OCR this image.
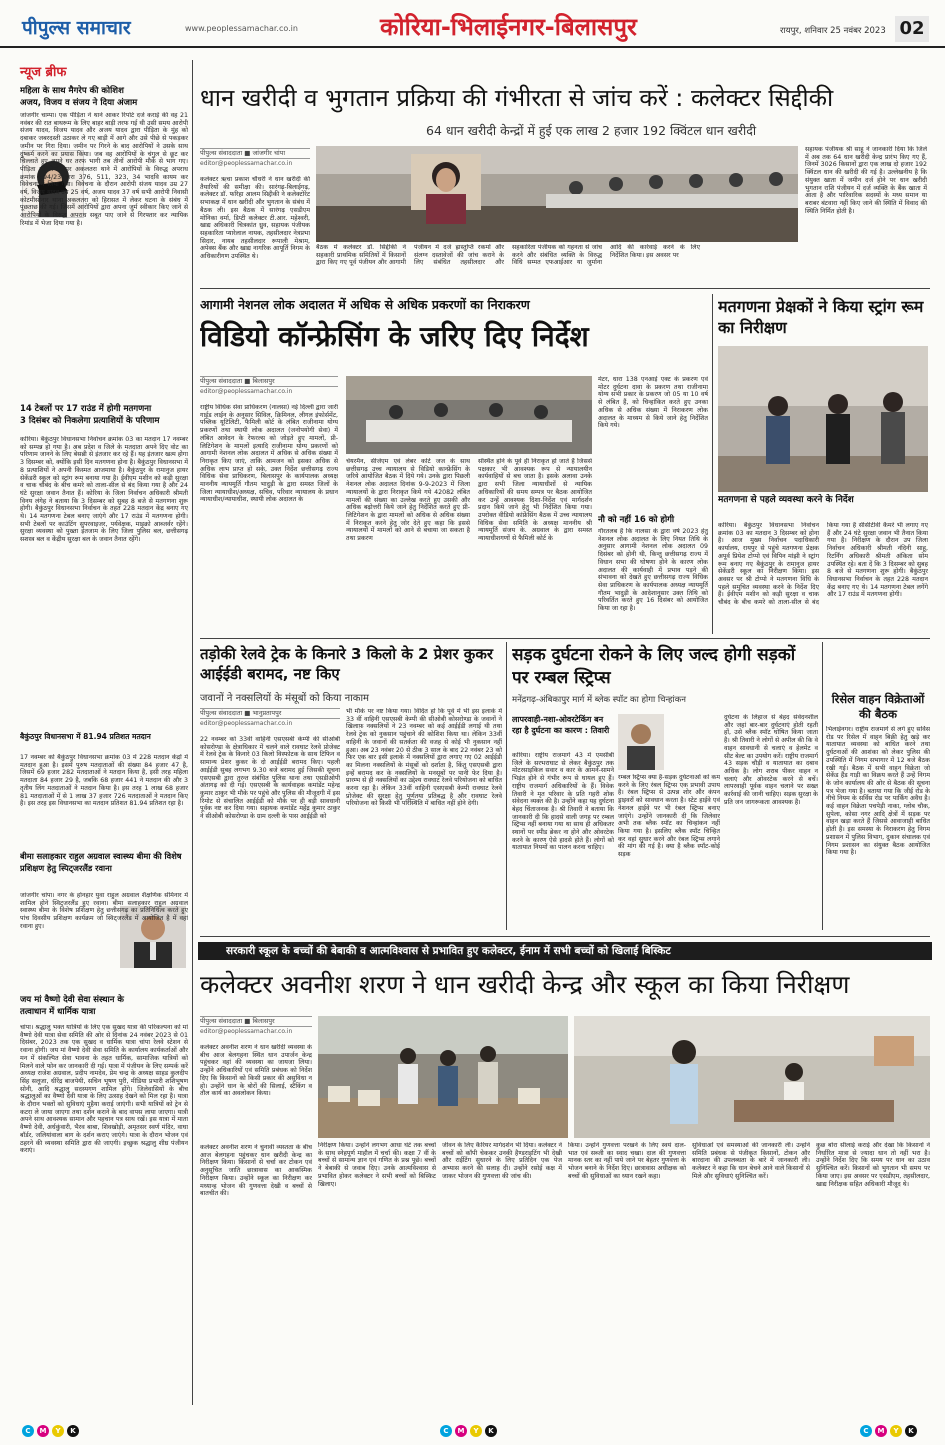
पीपुल्स समाचार	www.peoplessamachar.co.in	कोरिया-भिलाईनगर-बिलासपुर	रायपुर, शनिवार 25 नवंबर 2023 02
न्यूज ब्रीफ
महिला के साथ मैगरेप की कोशिश
अजय, विजय व संजय ने दिया अंजाम
जांजगीर चाम्पा। एक पीड़िता ने थाने आकर रिपोर्ट दर्ज कराई की वह 21 नवंबर की रात बाथरूम के लिए बाहर बाड़ी तरफ गई थी उसी समय आरोपी संजय यादव, विजय यादव और अजय यादव द्वारा पीड़िता के मुंह को दबाकर जबरदस्ती उठाकर ले गए बाड़ी में आगे और उसे पीछे से पकड़कर जमीन पर गिरा दिया। जमीन पर गिरने के बाद आरोपियों ने उसके साथ दुष्कर्म करने का प्रयास किया। जब वह आरोपियों के चंगुल से छूट कर चिल्लाते हुए अपने घर तरफ भागी तब तीनों आरोपी मौके से भाग गए। पीड़िता की रिपोर्ट पर अकलतरा थाने में आरोपियों के विरुद्ध अपराध क्रमांक 594/23 धारा 376, 511, 323, 34 भादवि कायम कर विवेचना में लिया गया। विवेचना के दौरान आरोपी संजय यादव उम्र 27 वर्ष, विजय यादव उम्र 25 वर्ष, अजय यादव 37 वर्ष सभी आरोपी निवासी कोटमीसोनार थाना अकलतरा को हिरासत में लेकर घटना के संबंध में पूछताछ की गई। जिसमें आरोपियों द्वारा अपना जुर्म स्वीकार किए जाने से आरोपियों के विरुद्ध अपराध सबूत पाए जाने से गिरफ्तार कर न्यायिक रिमांड में भेजा दिया गया है।
14 टेबलों पर 17 राउंड में होगी मतगणना
3 दिसंबर को निकलेगा प्रत्याशियों के परिणाम
कोरिया। बैकुंठपुर विधानसभा निर्वाचन क्रमांक 03 का मतदान 17 नवम्बर को सम्पन्न हो गया है। अब प्रदेश व जिले के मतदाता अपने दिए वोट का परिणाम जानने के लिए बेसब्री से इंतजार कर रहे हैं। यह इंतजार खत्म होगा 3 दिसम्बर को, क्योंकि इसी दिन मतगणना होना है। बैकुंठपुर विधानसभा में 8 प्रत्याशियों ने अपनी किस्मत आजमाया है। बैकुंठपुर के रामानुज हायर सेकेंडरी स्कूल को स्ट्रांग रूम बनाया गया है। ईवीएम मशीन को कड़ी सुरक्षा व चाक चौबंद के बीच कमरे को ताला-सील से बंद किया गया है और 24 घंटे सुरक्षा जवान तैनात हैं। कोरिया के जिला निर्वाचन अधिकारी श्रीमती विनय लंगेह ने बताया कि 3 दिसम्बर को सुबह 8 बजे से मतगणना शुरू होगी। बैकुंठपुर विधानसभा निर्वाचन के तहत 228 मतदान केंद्र बनाए गए थे। 14 मतगणना टेबल बनाए जाएंगे और 17 राउंड में मतगणना होगी। सभी टेबलों पर काउंटिंग सुपरवाइजर, पर्यवेक्षक, माइक्रो आब्जर्वर रहेंगे। सुरक्षा व्यवस्था को पुख्ता इंतजाम के लिए जिला पुलिस बल, छत्तीसगढ़ सशस्त्र बल व केंद्रीय सुरक्षा बल के जवान तैनात रहेंगे।
बैकुंठपुर विधानसभा में 81.94 प्रतिशत मतदान
17 नवम्बर को बैकुंठपुर विधानसभा क्रमांक 03 में 228 मतदान केंद्रों में मतदान हुआ है। इसमें पुरुष मतदाताओं की संख्या 84 हजार 47 है, जिसमें 69 हजार 282 मतदाताओं ने मतदान किया है, इसी तरह महिला मतदाता 84 हजार 29 है, जबकि 68 हजार 441 ने मतदान की और 3 तृतीय लिंग मतदाताओं ने मतदान किया है। इस तरह 1 लाख 68 हजार 81 मतदाताओं में से 1 लाख 37 हजार 726 मतदाताओं ने मतदान किए है। इस तरह इस विधानसभा का मतदान प्रतिशत 81.94 प्रतिशत रहा है।
बीमा सलाहकार राहुल अग्रवाल स्वास्थ्य बीमा की विशेष प्रशिक्षण हेतु स्पिट्जरलैंड रवाना
जांजगीर चांपा। नगर के होनहार युवा राहुल अग्रवाल शैक्षणिक सेमिनार में शामिल होने स्विट्जरलैंड हुए रवाना। बीमा सलाहकार राहुल अग्रवाल स्वास्थ्य बीमा के विशेष प्रशिक्षण हेतु छत्तीसगढ़ का प्रतिनिधित्व करते हुए पांच दिवसीय प्रशिक्षण कार्यक्रम जो स्विट्जरलैंड में आयोजित है में वहां रवाना हुए।
जय मां वैष्णो देवी सेवा संस्थान के
तत्वाधान में धार्मिक यात्रा
चांपा। श्रद्धालु भक्त यात्रियों के लिए एक सुखद यात्रा की परिकल्पना को मां वैष्णो देवी यात्रा सेवा समिति की ओर से दिनांक 24 नवंबर 2023 से 01 दिसंबर, 2023 तक एक सुखद व धार्मिक यात्रा चांपा रेलवे स्टेशन से रवाना होगी। जय मां वैष्णो देवी सेवा समिति के कार्यालय कार्यकर्ताओं और मन में संकल्पित सेवा भावना के तहत धार्मिक, सामाजिक यात्रियों को मिलने वाले फोन कर जानकारी दी गई। यात्रा में पंजीयन के लिए सम्पर्क करें अध्यक्ष राजेश अग्रवाल, प्रदीप नामदेव, प्रेम चन्द्र के अध्यक्ष साहड कुलदीप सिंह सलूजा, धीरेंद्र बाजपेयी, सचिन भूषण पुरी, मीडिया प्रभारी शशिभूषण सोनी, आदि श्रद्धालु सदस्यगण शामिल होंगे। जिलेवासियों के बीच श्रद्धालुओं का वैष्णो देवी यात्रा के लिए उत्साह देखने को मिल रहा है। यात्रा के दौरान भक्तों को सुविधाएं मुहैया कराई जाएंगी। सभी यात्रियों को ट्रेन से कटरा ले जाया जाएगा तथा दर्शन कराने के बाद वापस लाया जाएगा। यात्री अपने साथ आवश्यक सामान और पहचान पत्र साथ रखें। इस यात्रा में माता वैष्णो देवी, अर्धकुंवारी, भैरव बाबा, शिवखोड़ी, अमृतसर स्वर्ण मंदिर, वाघा बॉर्डर, जलियांवाला बाग के दर्शन कराए जाएंगे। यात्रा के दौरान भोजन एवं ठहरने की व्यवस्था समिति द्वारा की जाएगी। इच्छुक श्रद्धालु शीघ्र पंजीयन कराएं।
धान खरीदी व भुगतान प्रक्रिया की गंभीरता से जांच करें : कलेक्टर सिद्दीकी
64 धान खरीदी केन्द्रों में हुई एक लाख 2 हजार 192 क्विंटल धान खरीदी
पीपुल्स संवाददाता ■ जांजगीर चांपा
editor@peoplessamachar.co.in
कलेक्टर ऋचा प्रकाश चौधरी ने धान खरीदी की तैयारियों की समीक्षा की। सारंगढ़-बिलाईगढ़, कलेक्टर डॉ. फरिहा आलम सिद्दीकी ने कलेक्टोरेट सभाकक्ष में धान खरीदी और भुगतान के संबंध में बैठक ली। इस बैठक में सारंगढ़ एसडीएम मोनिका वर्मा, डिप्टी कलेक्टर टी.आर. महेश्वरी, खाद्य अधिकारी चित्रकांत ध्रुव, सहायक पंजीयक सहकारिता प्यारेलाल नायक, तहसीलदार नेत्रप्रभा सिदार, नायब तहसीलदार रूपाली मेश्राम, अपेक्स बैंक और खाद्य नागरिक आपूर्ति निगम के अधिकारीगण उपस्थित थे।
सहायक पंजीयक श्री साहू ने जानकारी दिया कि जिले में अब तक 64 धान खरीदी केन्द्र प्रारंभ किए गए हैं, जिनमें 3026 किसानों द्वारा एक लाख दो हजार 192 क्विंटल धान की खरीदी की गई है। उल्लेखनीय है कि संयुक्त खाता में जमीन दर्ज होने पर धान खरीदी भुगतान राशि पंजीयन में दर्ज व्यक्ति के बैंक खाता में आता है और पारिवारिक सदस्यों के मध्य समान या बराबर बंटवारा नहीं किए जाने की स्थिति में विवाद की स्थिति निर्मित होती है।
बैठक में कलेक्टर डॉ. सिद्दीकी ने सहकारी प्राथमिक समितियों में किसानों द्वारा किए गए पूर्व पंजीयन और आगामी पंजीयन में दर्ज ह्रास्तुप्ति रकमों और संलग्न दस्तावेजों की जांच कराने के लिए संबंधित तहसीलदार और सहकारिता पंजीयक को गहनता से जांच करने और संबंधित व्यक्ति के विरुद्ध विधि सम्मत एफआईआर या जुर्माना आदि की कार्रवाई करने के लिए निर्देशित किया। इस अवसर पर
आगामी नेशनल लोक अदालत में अधिक से अधिक प्रकरणों का निराकरण
विडियो कॉन्फ्रेसिंग के जरिए दिए निर्देश
पीपुल्स संवाददाता ■ बिलासपुर
editor@peoplessamachar.co.in
राष्ट्रीय विधिक सेवा प्राधिकरण (नालसा) नई दिल्ली द्वारा जारी गाईड लाईन के अनुसार सिविल, क्रिमिनल, लीगल इंफोर्समेंट, पब्लिक यूटिलिटी, फैमिली कोर्ट के लंबित राजीनामा योग्य प्रकरणों तथा स्थायी लोक अदालत (जनोपयोगी सेवा) में लंबित आवेदन के रेफरल्स को जोड़ते हुए मामलों, प्री-लिटिगेशन के मामलों इत्यादि राजीनामा योग्य प्रकरणों को आगामी नेशनल लोक अदालत में अधिक से अधिक संख्या में निराकृत किए जाएं, ताकि आमजन को इसका अधिक से अधिक लाभ प्राप्त हो सके, उक्त निर्देश छत्तीसगढ़ राज्य विधिक सेवा प्राधिकरण, बिलासपुर के कार्यपालक अध्यक्ष माननीय न्यायमूर्ति गौतम भादुड़ी के द्वारा समस्त जिलों के जिला न्यायाधीश/अध्यक्ष, सचिव, परिवार न्यायालय के प्रधान न्यायाधीश/न्यायाधीश, स्थायी लोक अदालत के
चेयरमैन, सीजेएम एवं लेबर कोर्ट जज के साथ छत्तीसगढ़ उच्च न्यायालय से विडियो कान्फ्रेंसिंग के जरिये आयोजित बैठक में दिये गये। उनके द्वारा पिछली नेशनल लोक अदालत दिनांक 9-9-2023 में जिला न्यायालयों के द्वारा निराकृत किये गये 42082 लंबित मामलों की संख्या का उल्लेख करते हुए उसकी और अधिक बढ़ोत्तरी किये जाने हेतु निर्देशित करते हुए प्री-लिटिगेशन के द्वारा मामलों को अधिक से अधिक संख्या में निराकृत करने हेतु जोर देते हुए कहा कि इससे न्यायालयों में मामलों को आने से बचाया जा सकता है तथा प्रकरण
संस्थित होने के पूर्व ही निराकृत हो जाते हैं जिससे पक्षकार भी आवश्यक रूप से न्यायालयीन कार्यवाहियों से बच जाता है। इसके अलावा उनके द्वारा सभी जिला न्यायाधीशों से न्यायिक अधिकारियों की समय सम्पत्र पर बैठक आयोजित कर उन्हें आवश्यक दिशा-निर्देश एवं मार्गदर्शन प्रदान किये जाने हेतु भी निर्देशित किया गया। उपरोक्त वीडियो कांफ्रेंसिंग बैठक में उच्च न्यायालय विधिक सेवा समिति के अध्यक्ष माननीय श्री न्यायमूर्ति संजय के. अग्रवाल के द्वारा समस्त न्यायाधीशगणों से फैमिली कोर्ट के
मेटर, धारा 138 एनआई एक्ट के प्रकरण एवं मोटर दुर्घटना दावा के प्रकरण तथा राजीनामा योग्य सभी प्रकार के प्रकरण जो 05 या 10 वर्ष से लंबित हैं, को चिन्हांकित करते हुए उनका अधिक से अधिक संख्या में निराकरण लोक अदालत के माध्यम से किये जाने हेतु निर्देशित किये गये।
नौ को नहीं 16 को होगी
गौरतलब है कि नालसा के द्वारा वर्ष 2023 हेतु नेशनल लोक अदालत के लिए नियत तिथि के अनुसार आगामी नेशनल लोक अदालत 09 दिसंबर को होनी थी, किन्तु छत्तीसगढ़ राज्य में विधान सभा की घोषणा होने के कारण लोक अदालत की कार्यवाही में प्रभाव पड़ने की संभावना को देखते हुए छत्तीसगढ़ राज्य विधिक सेवा प्राधिकरण के कार्यपालक अध्यक्ष न्यायमूर्ति गौतम भादुड़ी के आदेशानुसार उक्त तिथि को परिवर्तित करते हुए 16 दिसंबर को आयोजित किया जा रहा है।
मतगणना प्रेक्षकों ने किया स्ट्रांग रूम का निरीक्षण
मतगणना से पहले व्यवस्था करने के निर्देश
कोरिया। बैकुंठपुर विधानसभा निर्वाचन क्रमांक 03 का मतदान 3 दिसम्बर को होना है। आज मुख्य निर्वाचन पदाधिकारी कार्यालय, रायपुर से पहुंचे मतगणना प्रेक्षक अपूर्व प्रियेश टोप्पो एवं विपिन मांझी ने स्ट्रांग रूम बनाए गए बैकुंठपुर के रामानुज हायर सेकेंडरी स्कूल का निरीक्षण किया। इस अवसर पर श्री टोप्पो ने मतगणना विधि के पहले समुचित व्यवस्था करने के निर्देश दिए हैं। ईवीएम मशीन को कड़ी सुरक्षा व चाक चौबंद के बीच कमरे को ताला-सील से बंद किया गया है सीसीटीवी कैमरे भी लगाए गए हैं और 24 घंटे सुरक्षा जवान भी तैनात किया गया है। निरीक्षण के दौरान उप जिला निर्वाचन अधिकारी श्रीमती नंदिनी साहू, रिटर्निंग अधिकारी श्रीमती अंकिता सोम उपस्थित रहे। बता दें कि 3 दिसम्बर को सुबह 8 बजे से मतगणना शुरू होगी। बैकुंठपुर विधानसभा निर्वाचन के तहत 228 मतदान केंद्र बनाए गए थे। 14 मतगणना टेबल लगेंगे और 17 राउंड में मतगणना होगी।
तड़ोकी रेलवे ट्रेक के किनारे 3 किलो के 2 प्रेशर कुकर आईईडी बरामद, नष्ट किए
जवानों ने नक्सलियों के मंसूबों को किया नाकाम
पीपुल्स संवाददाता ■ भानुप्रतापपुर
editor@peoplessamachar.co.in
22 नवम्बर को 33वीं वाहिनी एसएसबी केम्पी की सीओबी कोसरोण्डा के क्षेत्राधिकार में चलने वाले रावघाट रेलवे प्रोजेक्ट में रेलवे ट्रेक के किनारे 03 किलो विस्फोटक के साथ टिफिन व सामान्य प्रेशर कुकर के दो आईईडी बरामद किए। पहली आईईडी सुबह लगभग 9.30 बजे बरामद हुई जिसकी सूचना एसएसबी द्वारा तुरन्त संबंधित पुलिस थाना तथा एसडीओपी अंतागढ़ को दी गई। एसएसबी के कार्यवाहक कमांडेंट महेन्द्र कुमार ठाकुर भी मौके पर पहुंचे और पुलिस की मौजूदगी में इस रिमोट से संचालित आईईडी को मौके पर ही बड़ी सावधानी पूर्वक नष्ट कर दिया गया। सहायक कमांडेंट महेंद्र कुमार ठाकुर ने सीओबी कोसरोण्डा के ग्राम दल्ली के पास आईईडी को
भी मौके पर नष्ट किया गया। विदित हो कि पूर्व में भी इस इलाके में 33 वीं वाहिनी एसएसबी केम्पी की सीओबी कोसरोण्डा के जवानों ने खिलाफ़ नक्सलियों ने 23 नवम्बर को कई आईईडी लगाई थी तथा रेलवे ट्रेक को नुकसान पहुंचाने की कोशिश किया था। लेकिन 33वीं वाहिनी के जवानों की सतर्कता की वजह से कोई भी नुकसान नहीं हुआ। अब 23 नवंबर 20 से ठीक 3 साल के बाद 22 नवंबर 23 को फिर एक बार इसी इलाके में नक्सलियों द्वारा लगाए गए 02 आईईडी का मिलना नक्सलियों के मंसूबों को दर्शाता है, किंतु एसएसबी द्वारा इन्हें बरामद कर के नक्सलियों के मनसूबों पर पानी फेर दिया है। प्रारम्भ से ही नक्सलियों का उद्देश्य रावघाट रेलवे परियोजना को बाधित करना रहा है। लेकिन 33वीं वाहिनी एसएसबी केम्पी रावघाट रेलवे प्रोजेक्ट की सुरक्षा हेतु पूर्णतया प्रतिबद्ध है और रावघाट रेलवे परियोजना को किसी भी परिस्थिति में बाधित नहीं होने देगी।
सड़क दुर्घटना रोकने के लिए जल्द होगी सड़कों पर रम्बल स्ट्रिप्स
मनेंद्रगढ़-अंबिकापुर मार्ग में ब्लेक स्पॉट का होगा चिन्हांकन
लापरवाही-नशा-ओवरटेकिंग बन रहा है दुर्घटना का कारण : तिवारी
कोरिया। राष्ट्रीय राजमार्ग 43 में एमसीबी जिले के सरभराघाट से लेकर बैकुंठपुर तक मोटरसाइकिल सवार व कार के आमने-सामने भिड़ंत होने से गंभीर रूप से घायल हुए हैं। राष्ट्रीय राजमार्ग अधिकारियों के हैं। विवेक तिवारी ने मृत परिवार के प्रति गहरी शोक संवेदना व्यक्त की है। उन्होंने कहा यह दुर्घटना बेहद चिंताजनक है। श्री तिवारी ने बताया कि जानकारी दी कि हादसे वाली जगह पर रम्बल स्ट्रिप्स नहीं बनाया गया था साथ ही अधिकतर स्थानों पर स्पीड ब्रेकर ना होने और ओवरटेक करने के कारण ऐसे हादसे होते हैं। लोगों को यातायात नियमों का पालन करना चाहिए।
रम्बल स्ट्रिप्स क्या है-सड़क दुर्घटनाओं को कम करने के लिए रंबल स्ट्रिप्स एक प्रभावी उपाय है। रंबल स्ट्रिप्स से उत्पन्न शोर और कंपन ड्राइवरों को सावधान करता है। स्टेट हाईवे एवं नेशनल हाईवे पर भी रंबल स्ट्रिप्स बनाए जाएंगे। उन्होंने जानकारी दी कि जिलेवार अभी तक ब्लैक स्पॉट का चिन्हांकन नहीं किया गया है। इसलिए ब्लैक स्पॉट चिन्हित कर वहां सुधार करने और रंबल स्ट्रिप्स लगाने की मांग की गई है। क्या है ब्लैक स्पॉट-कोई सड़क
दुर्घटना के लिहाज से बेहद संवेदनशील और जहां बार-बार दुर्घटनाएं होती रहती हों, उसे ब्लैक स्पॉट घोषित किया जाता है। श्री तिवारी ने लोगों से अपील की कि वे वाहन सावधानी से चलाएं व हेलमेट व सीट बेल्ट का उपयोग करें। राष्ट्रीय राजमार्ग 43 सड़क चौड़ी व यातायात का दबाव अधिक है। लोग शराब पीकर वाहन न चलाएं और ओवरटेक करने से बचें। लापरवाही पूर्वक वाहन चलाने पर सख्त कार्रवाई की जानी चाहिए। सड़क सुरक्षा के प्रति जन जागरूकता आवश्यक है।
रिसेल वाहन विक्रेताओं की बैठक
भिलाईनगर। राष्ट्रीय राजमार्ग से लगे हुए सर्विस रोड पर रिसेल में वाहन बिक्री हेतु खड़े कर यातायात व्यवस्था को बाधित करने तथा दुर्घटनाओं की आशंका को लेकर पुलिस की उपस्थिति में निगम सभागार में 12 बजे बैठक रखी गई। बैठक में सभी वाहन विक्रेता जो सेकेंड हैंड गाड़ी का विक्रय करते हैं उन्हें निगम के जोन कार्यालय की ओर से बैठक की सूचना पत्र भेजा गया है। बताया गया कि जीई रोड के नीचे नियम के सर्विस रोड पर पार्किंग अवैध है। कई वाहन विक्रेता पचपेड़ी नाका, ग्लोब चौक, सुपेला, कोसा नगर आदि क्षेत्रों में सड़क पर वाहन खड़ा करते हैं जिससे आवाजाही बाधित होती है। इस समस्या के निराकरण हेतु निगम प्रशासन में पुलिस विभाग, दुकान संचालक एवं निगम प्रशासन का संयुक्त बैठक आयोजित किया गया है।
सरकारी स्कूल के बच्चों की बेबाकी व आत्मविश्वास से प्रभावित हुए कलेक्टर, ईनाम में सभी बच्चों को खिलाई बिस्किट
कलेक्टर अवनीश शरण ने धान खरीदी केन्द्र और स्कूल का किया निरीक्षण
पीपुल्स संवाददाता ■ बिलासपुर
editor@peoplessamachar.co.in
कलेक्टर अवनीश शरण ने धान खरीदी व्यवस्था के बीच आज बेलगहना स्थित धान उपार्जन केन्द्र पहुंचकर वहां की व्यवस्था का जायजा लिया। उन्होंने अधिकारियों एवं समिति प्रबंधक को निर्देश दिए कि किसानों को किसी प्रकार की असुविधा न हो। उन्होंने धान के बोरों की सिलाई, स्टैकिंग व तौल कार्य का अवलोकन किया।
कलेक्टर अवनीश शरण ने चुनावी व्यस्तता के बीच आज बेलगहना पहुंचकर धान खरीदी केन्द्र का निरीक्षण किया। किसानों से चर्चा कर टोकन एवं अनुसूचित जाति छात्रावास का आकस्मिक निरीक्षण किया। उन्होंने स्कूल का निरीक्षण कर मध्यान्ह भोजन की गुणवत्ता देखी व बच्चों से बातचीत की।
निरीक्षण किया। उन्होंने लगभग आधा घंटे तक बच्चों के साथ स्नेहपूर्ण माहौल में चर्चा की। कक्षा 7 वीं के बच्चों से सामान्य ज्ञान एवं गणित के प्रश्न पूछे। बच्चों ने बेबाकी से जवाब दिए। उनके आत्मविश्वास से प्रभावित होकर कलेक्टर ने सभी बच्चों को बिस्किट खिलाए।
जीवन के लिए कैरियर मार्गदर्शन भी दिया। कलेक्टर ने बच्चों को कॉपी चेककर उनकी हैण्डराइटिंग भी देखी और राईटिंग सुधारने के लिए प्रतिदिन एक पेज अभ्यास करने की सलाह दी। उन्होंने रसोई कक्ष में जाकर भोजन की गुणवत्ता की जांच की।
किया। उन्होंने गुणवत्ता परखने के लिए स्वयं दाल-भात एवं सब्जी का स्वाद चखा। दाल की गुणवत्ता मानक स्तर का नहीं पाये जाने पर बेहतर गुणवत्ता के भोजन बनाने के निर्देश दिए। छात्रावास अधीक्षक को बच्चों की सुविधाओं का ध्यान रखने कहा।
सुविधाओं एवं समस्याओं की जानकारी ली। उन्होंने समिति प्रबंधक से पंजीकृत किसानों, टोकन और बारदाना की उपलब्धता के बारे में जानकारी ली। कलेक्टर ने कहा कि धान बेचने आने वाले किसानों से मिले और सुविधाएं सुनिश्चित करें।
कुछ बोरा सीलाई कराई और देखा कि किसानों ने निर्धारित मात्रा से ज्यादा धान तो नहीं भरा है। उन्होंने निर्देश दिए कि समय पर धान का उठाव सुनिश्चित करें। किसानों को भुगतान भी समय पर किया जाए। इस अवसर पर एसडीएम, तहसीलदार, खाद्य निरीक्षक सहित अधिकारी मौजूद थे।
C M Y K	C M Y K	C M Y K
